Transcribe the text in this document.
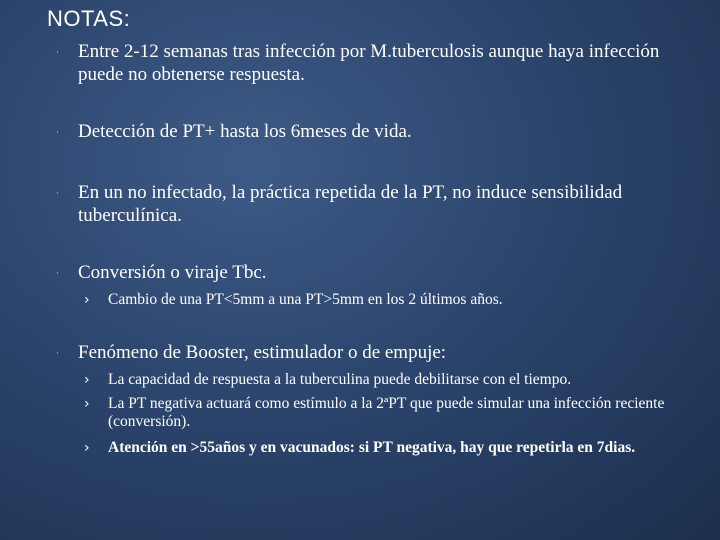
NOTAS:
·	Entre 2-12 semanas tras infección por M.tuberculosis aunque haya infección puede no obtenerse respuesta.
·	Detección de PT+ hasta los 6meses de vida.
·	En un no infectado, la práctica repetida de la PT, no induce sensibilidad tuberculínica.
·	Conversión o viraje Tbc.
›	Cambio de una PT<5mm a una PT>5mm en los 2 últimos años.
·	Fenómeno de Booster, estimulador o de empuje:
›	La capacidad de respuesta a la tuberculina puede debilitarse con el tiempo.
›	La PT negativa actuará como estímulo a la 2ªPT que puede simular una infección reciente (conversión).
›	Atención en >55años y en vacunados: si PT negativa, hay que repetirla en 7dias.
